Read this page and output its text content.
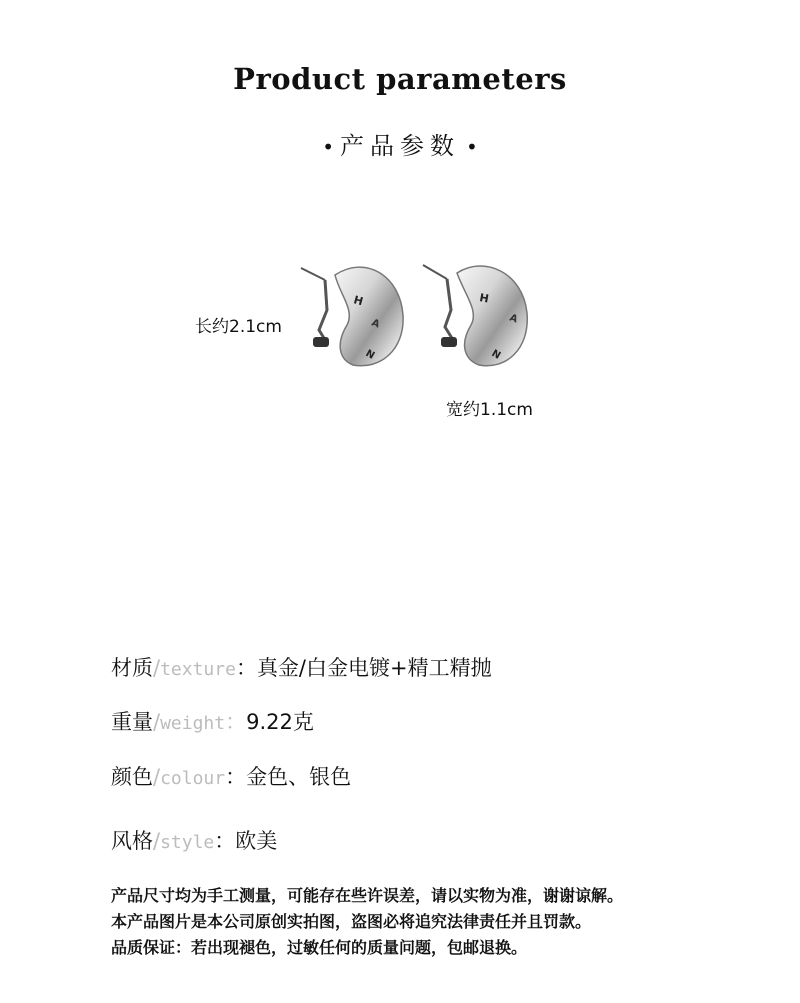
Product parameters
• 产品参数 •
H
A
N
H
A
N
长约2.1cm
宽约1.1cm
材质/texture：真金/白金电镀+精工精抛
重量/weight：9.22克
颜色/colour：金色、银色
风格/style：欧美
产品尺寸均为手工测量，可能存在些许误差，请以实物为准，谢谢谅解。
本产品图片是本公司原创实拍图，盗图必将追究法律责任并且罚款。
品质保证：若出现褪色，过敏任何的质量问题，包邮退换。
